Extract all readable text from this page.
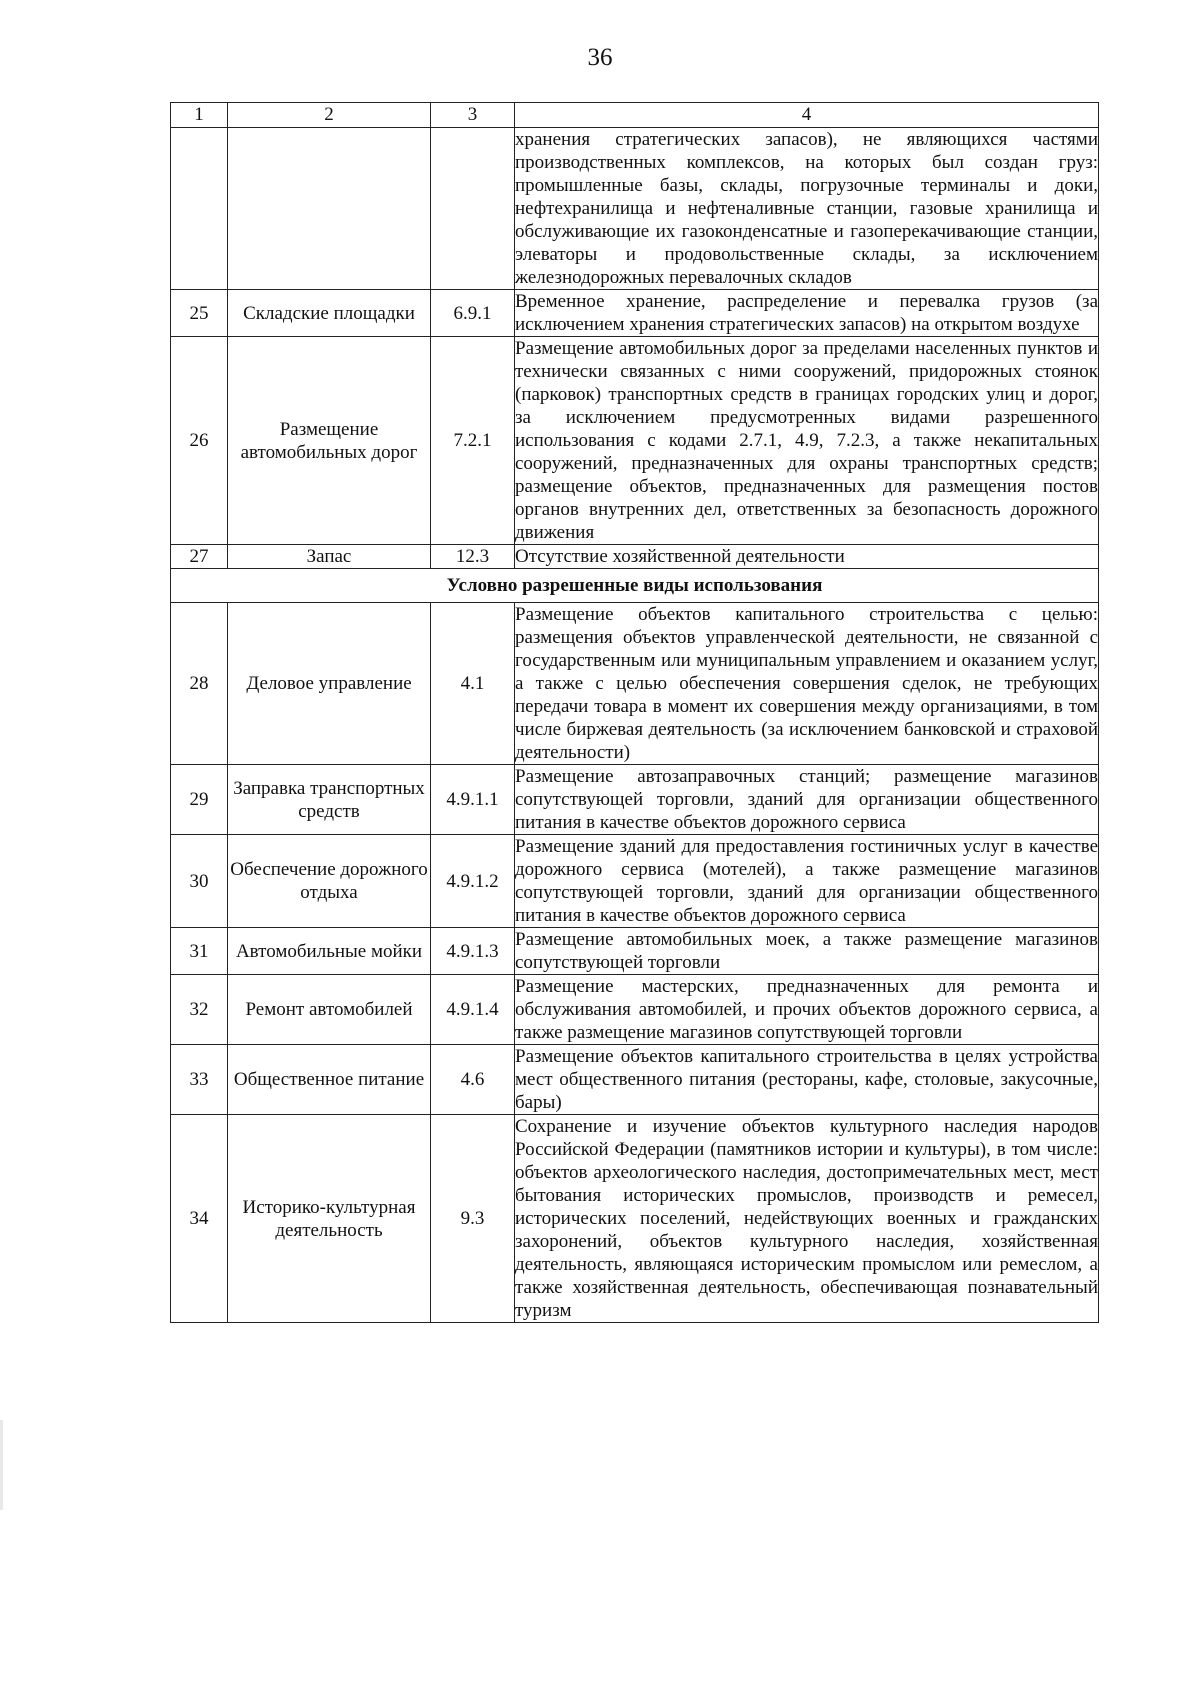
36
1	2	3	4
			хранения стратегических запасов), не являющихся частями производственных комплексов, на которых был создан груз: промышленные базы, склады, погрузочные терминалы и доки, нефтехранилища и нефтеналивные станции, газовые хранилища и обслуживающие их газоконденсатные и газоперекачивающие станции, элеваторы и продовольственные склады, за исключением железнодорожных перевалочных складов
25	Складские площадки	6.9.1	Временное хранение, распределение и перевалка грузов (за исключением хранения стратегических запасов) на открытом воздухе
26	Размещение автомобильных дорог	7.2.1	Размещение автомобильных дорог за пределами населенных пунктов и технически связанных с ними сооружений, придорожных стоянок (парковок) транспортных средств в границах городских улиц и дорог, за исключением предусмотренных видами разрешенного использования с кодами 2.7.1, 4.9, 7.2.3, а также некапитальных сооружений, предназначенных для охраны транспортных средств; размещение объектов, предназначенных для размещения постов органов внутренних дел, ответственных за безопасность дорожного движения
27	Запас	12.3	Отсутствие хозяйственной деятельности
Условно разрешенные виды использования			
28	Деловое управление	4.1	Размещение объектов капитального строительства с целью: размещения объектов управленческой деятельности, не связанной с государственным или муниципальным управлением и оказанием услуг, а также с целью обеспечения совершения сделок, не требующих передачи товара в момент их совершения между организациями, в том числе биржевая деятельность (за исключением банковской и страховой деятельности)
29	Заправка транспортных средств	4.9.1.1	Размещение автозаправочных станций; размещение магазинов сопутствующей торговли, зданий для организации общественного питания в качестве объектов дорожного сервиса
30	Обеспечение дорожного отдыха	4.9.1.2	Размещение зданий для предоставления гостиничных услуг в качестве дорожного сервиса (мотелей), а также размещение магазинов сопутствующей торговли, зданий для организации общественного питания в качестве объектов дорожного сервиса
31	Автомобильные мойки	4.9.1.3	Размещение автомобильных моек, а также размещение магазинов сопутствующей торговли
32	Ремонт автомобилей	4.9.1.4	Размещение мастерских, предназначенных для ремонта и обслуживания автомобилей, и прочих объектов дорожного сервиса, а также размещение магазинов сопутствующей торговли
33	Общественное питание	4.6	Размещение объектов капитального строительства в целях устройства мест общественного питания (рестораны, кафе, столовые, закусочные, бары)
34	Историко-культурная деятельность	9.3	Сохранение и изучение объектов культурного наследия народов Российской Федерации (памятников истории и культуры), в том числе: объектов археологического наследия, достопримечательных мест, мест бытования исторических промыслов, производств и ремесел, исторических поселений, недействующих военных и гражданских захоронений, объектов культурного наследия, хозяйственная деятельность, являющаяся историческим промыслом или ремеслом, а также хозяйственная деятельность, обеспечивающая познавательный туризм
